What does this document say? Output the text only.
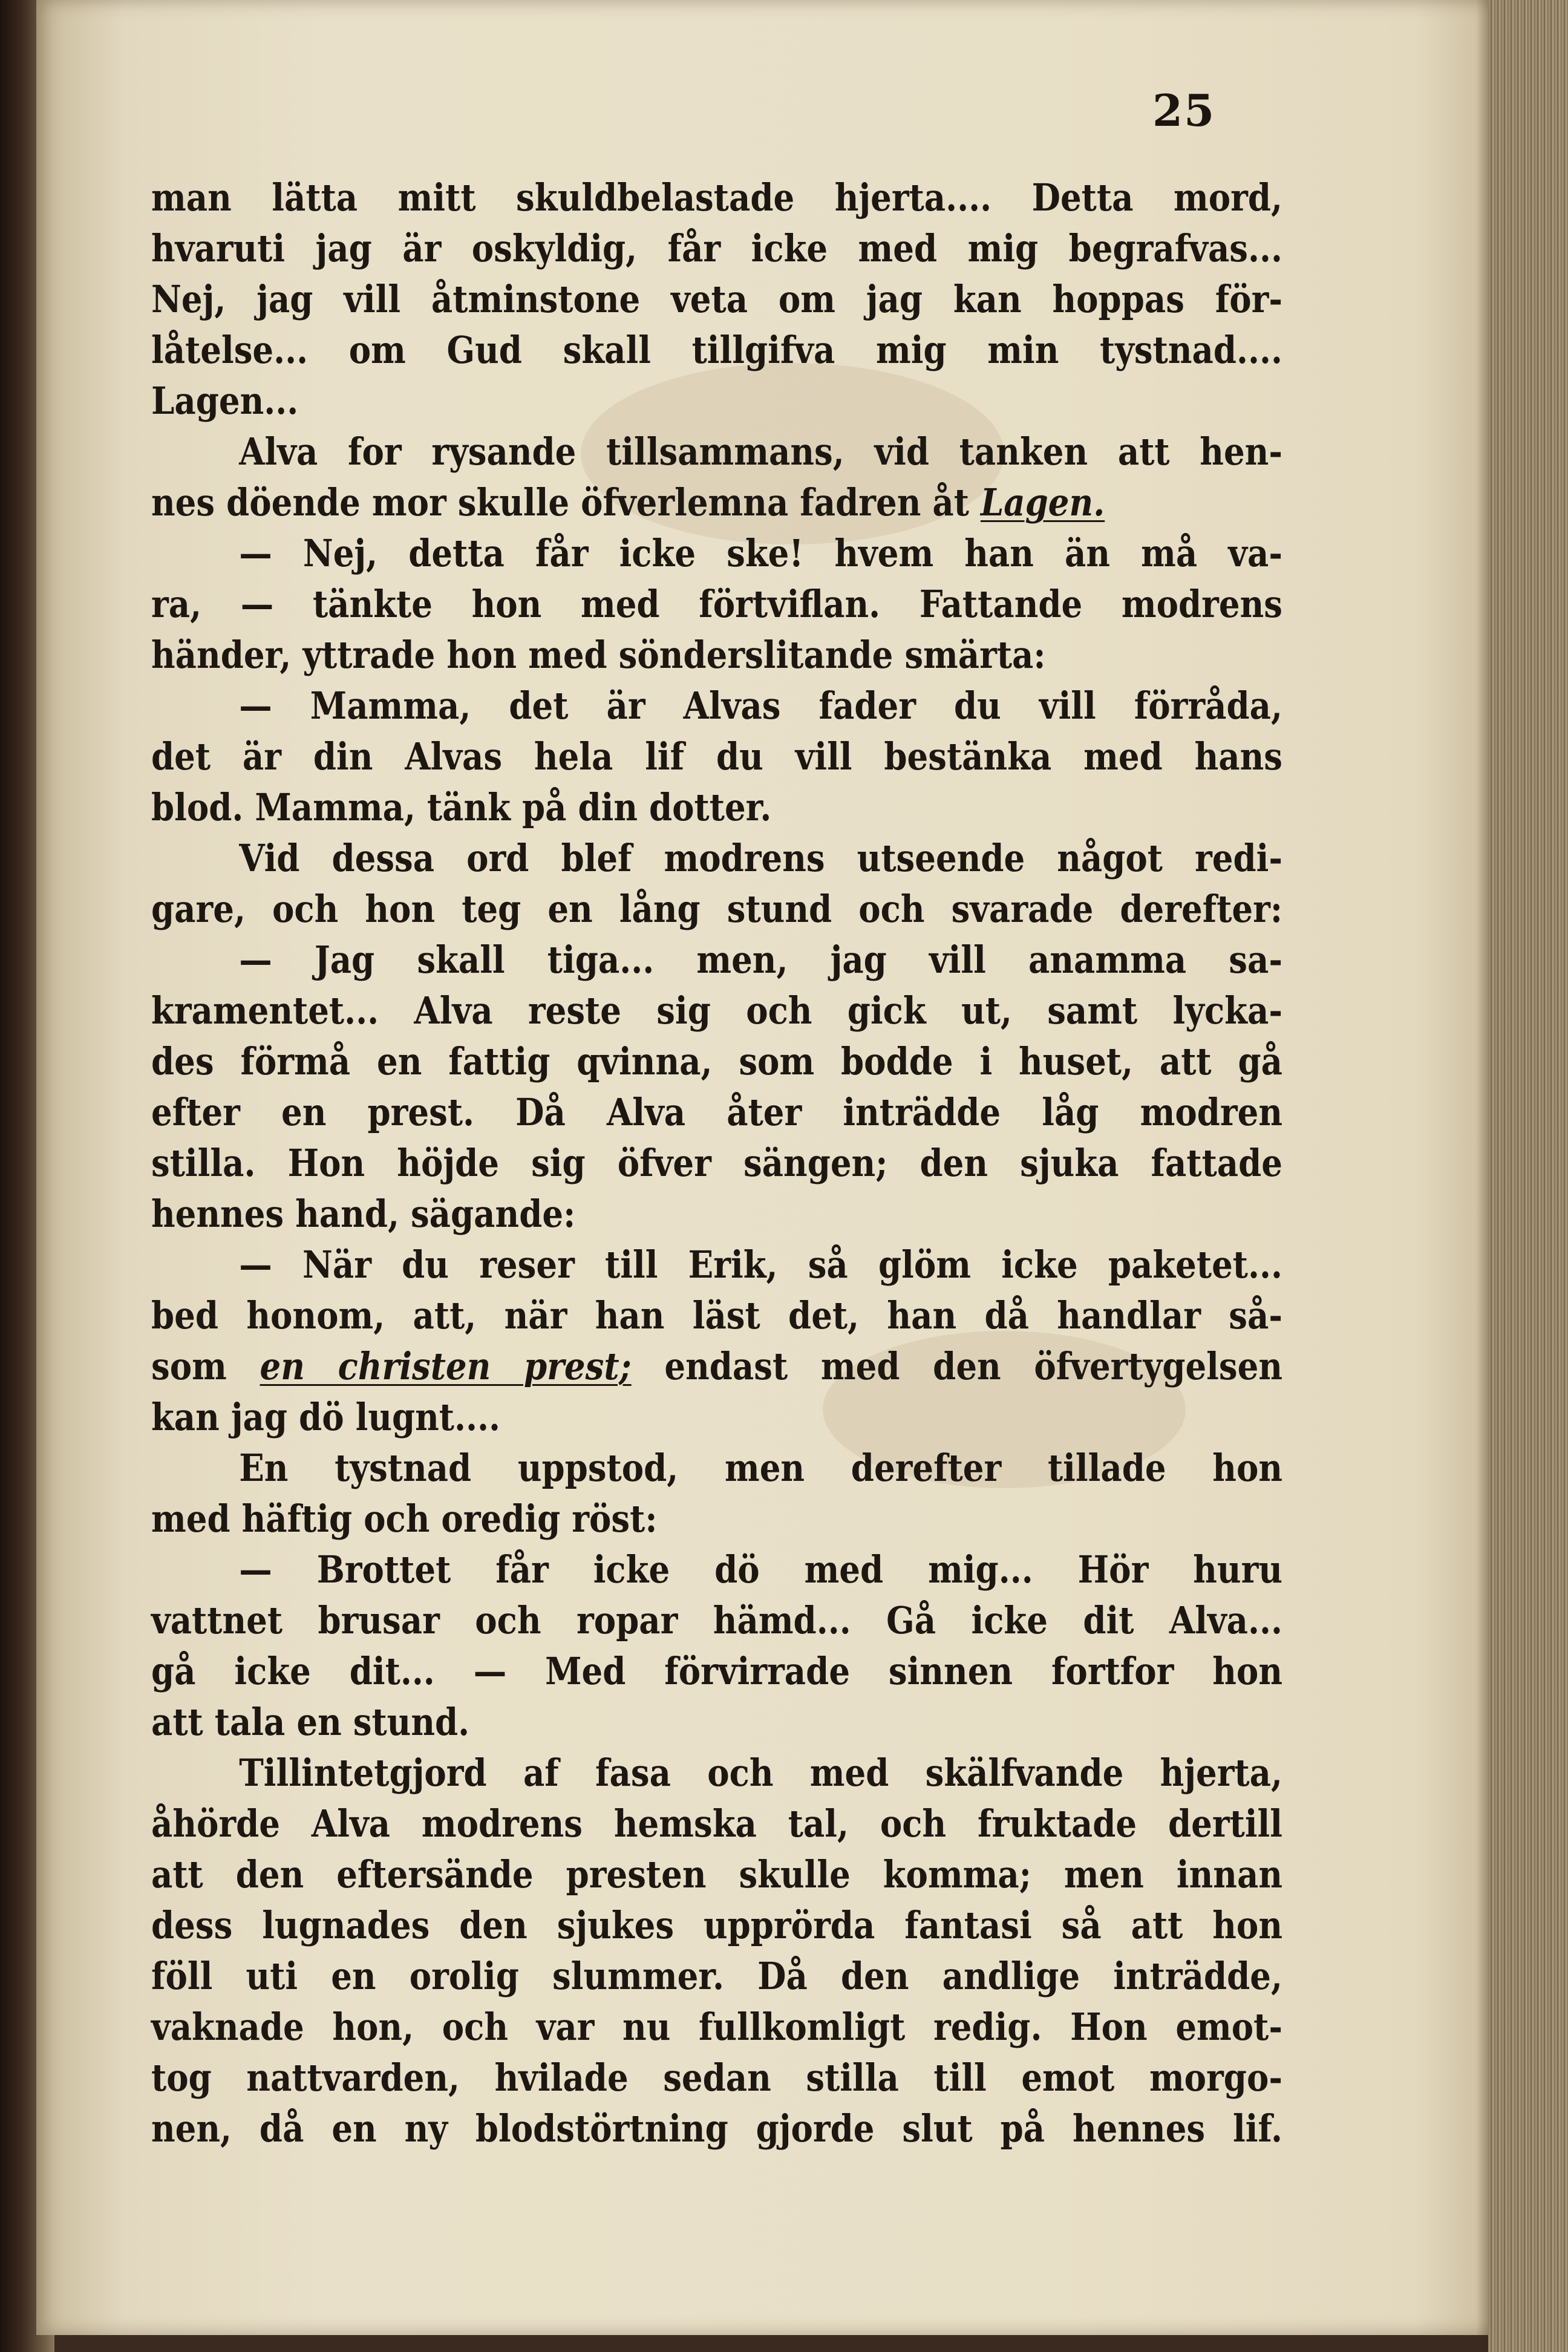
25
man lätta mitt skuldbelastade hjerta.... Detta mord,
hvaruti jag är oskyldig, får icke med mig begrafvas...
Nej, jag vill åtminstone veta om jag kan hoppas för-
låtelse... om Gud skall tillgifva mig min tystnad....
Lagen...
Alva for rysande tillsammans, vid tanken att hen-
nes döende mor skulle öfverlemna fadren åt Lagen.
— Nej, detta får icke ske! hvem han än må va-
ra, — tänkte hon med förtviflan. Fattande modrens
händer, yttrade hon med sönderslitande smärta:
— Mamma, det är Alvas fader du vill förråda,
det är din Alvas hela lif du vill bestänka med hans
blod. Mamma, tänk på din dotter.
Vid dessa ord blef modrens utseende något redi-
gare, och hon teg en lång stund och svarade derefter:
— Jag skall tiga... men, jag vill anamma sa-
kramentet... Alva reste sig och gick ut, samt lycka-
des förmå en fattig qvinna, som bodde i huset, att gå
efter en prest. Då Alva åter inträdde låg modren
stilla. Hon höjde sig öfver sängen; den sjuka fattade
hennes hand, sägande:
— När du reser till Erik, så glöm icke paketet...
bed honom, att, när han läst det, han då handlar så-
som en christen prest; endast med den öfvertygelsen
kan jag dö lugnt....
En tystnad uppstod, men derefter tillade hon
med häftig och oredig röst:
— Brottet får icke dö med mig... Hör huru
vattnet brusar och ropar hämd... Gå icke dit Alva...
gå icke dit... — Med förvirrade sinnen fortfor hon
att tala en stund.
Tillintetgjord af fasa och med skälfvande hjerta,
åhörde Alva modrens hemska tal, och fruktade dertill
att den eftersände presten skulle komma; men innan
dess lugnades den sjukes upprörda fantasi så att hon
föll uti en orolig slummer. Då den andlige inträdde,
vaknade hon, och var nu fullkomligt redig. Hon emot-
tog nattvarden, hvilade sedan stilla till emot morgo-
nen, då en ny blodstörtning gjorde slut på hennes lif.
